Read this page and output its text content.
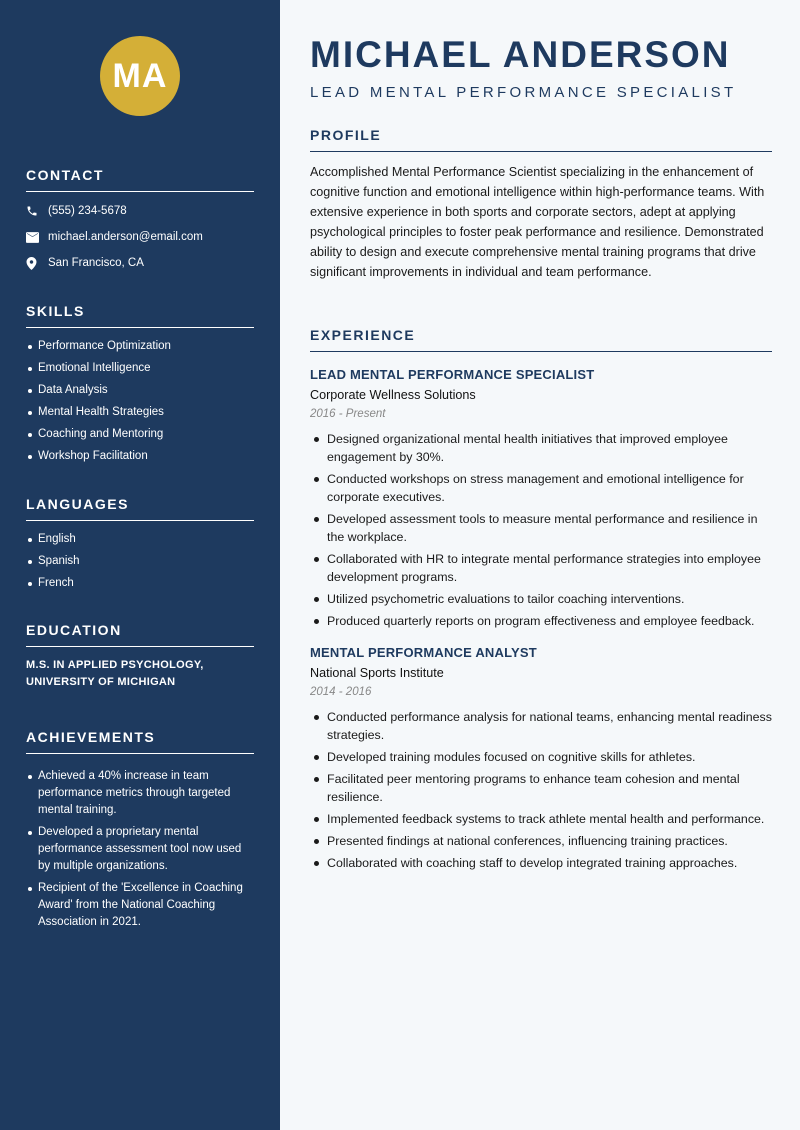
MA
CONTACT
(555) 234-5678
michael.anderson@email.com
San Francisco, CA
SKILLS
Performance Optimization
Emotional Intelligence
Data Analysis
Mental Health Strategies
Coaching and Mentoring
Workshop Facilitation
LANGUAGES
English
Spanish
French
EDUCATION
M.S. IN APPLIED PSYCHOLOGY,
UNIVERSITY OF MICHIGAN
ACHIEVEMENTS
Achieved a 40% increase in team performance metrics through targeted mental training.
Developed a proprietary mental performance assessment tool now used by multiple organizations.
Recipient of the 'Excellence in Coaching Award' from the National Coaching Association in 2021.
MICHAEL ANDERSON
LEAD MENTAL PERFORMANCE SPECIALIST
PROFILE

Accomplished Mental Performance Scientist specializing in the enhancement of cognitive function and emotional intelligence within high-performance teams. With extensive experience in both sports and corporate sectors, adept at applying psychological principles to foster peak performance and resilience. Demonstrated ability to design and execute comprehensive mental training programs that drive significant improvements in individual and team performance.

EXPERIENCE
LEAD MENTAL PERFORMANCE SPECIALIST
Corporate Wellness Solutions
2016 - Present
Designed organizational mental health initiatives that improved employee engagement by 30%.
Conducted workshops on stress management and emotional intelligence for corporate executives.
Developed assessment tools to measure mental performance and resilience in the workplace.
Collaborated with HR to integrate mental performance strategies into employee development programs.
Utilized psychometric evaluations to tailor coaching interventions.
Produced quarterly reports on program effectiveness and employee feedback.
MENTAL PERFORMANCE ANALYST
National Sports Institute
2014 - 2016
Conducted performance analysis for national teams, enhancing mental readiness strategies.
Developed training modules focused on cognitive skills for athletes.
Facilitated peer mentoring programs to enhance team cohesion and mental resilience.
Implemented feedback systems to track athlete mental health and performance.
Presented findings at national conferences, influencing training practices.
Collaborated with coaching staff to develop integrated training approaches.
